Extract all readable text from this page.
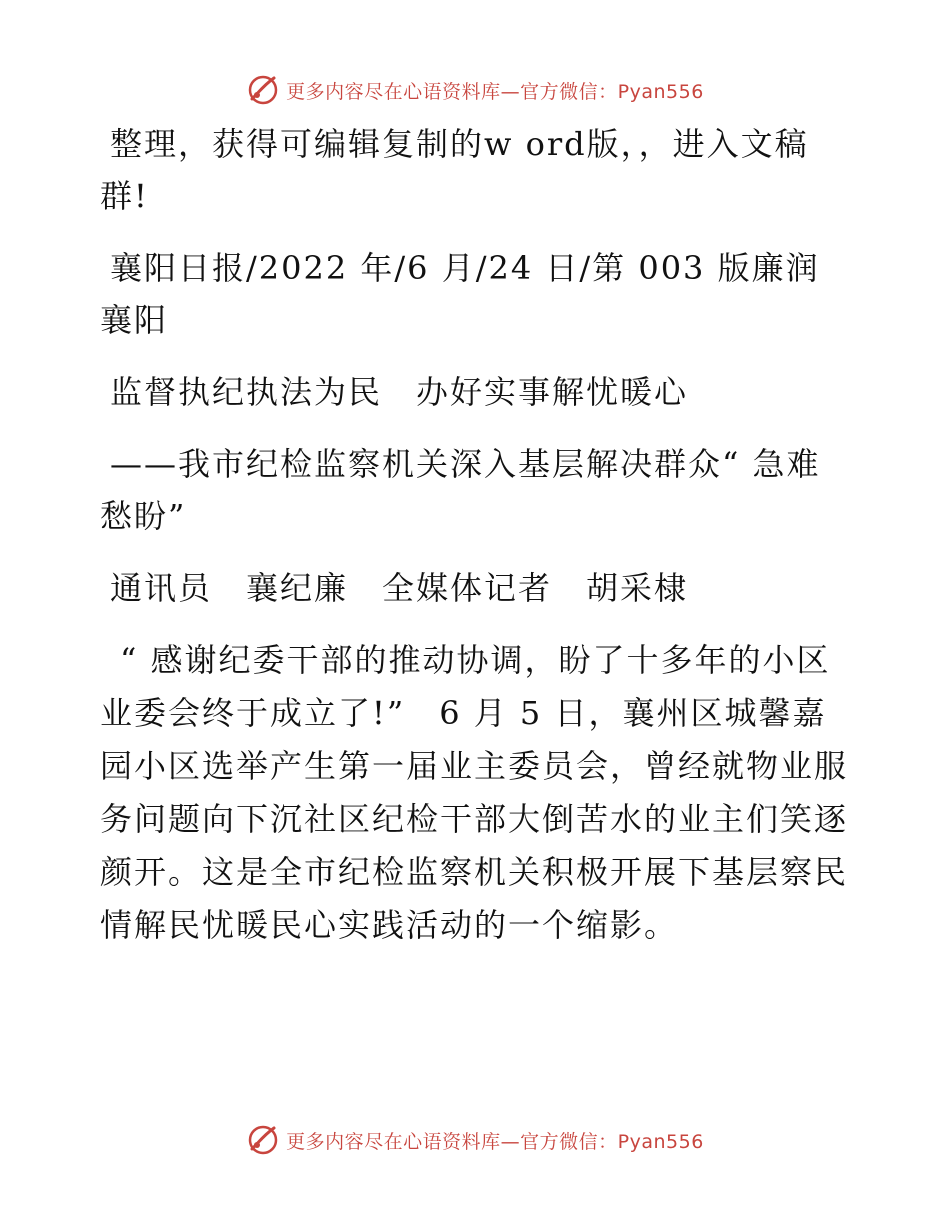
更多内容尽在心语资料库—官方微信：Pyan556

整理，获得可编辑复制的w ord版，，进入文稿群!

襄阳日报/2022 年/6 月/24 日/第 003 版廉润襄阳

监督执纪执法为民　办好实事解忧暖心

——我市纪检监察机关深入基层解决群众“ 急难愁盼”

通讯员　襄纪廉　全媒体记者　胡采棣

“ 感谢纪委干部的推动协调，盼了十多年的小区业委会终于成立了!”　6 月 5 日，襄州区城馨嘉园小区选举产生第一届业主委员会，曾经就物业服务问题向下沉社区纪检干部大倒苦水的业主们笑逐颜开。这是全市纪检监察机关积极开展下基层察民情解民忧暖民心实践活动的一个缩影。

更多内容尽在心语资料库—官方微信：Pyan556
